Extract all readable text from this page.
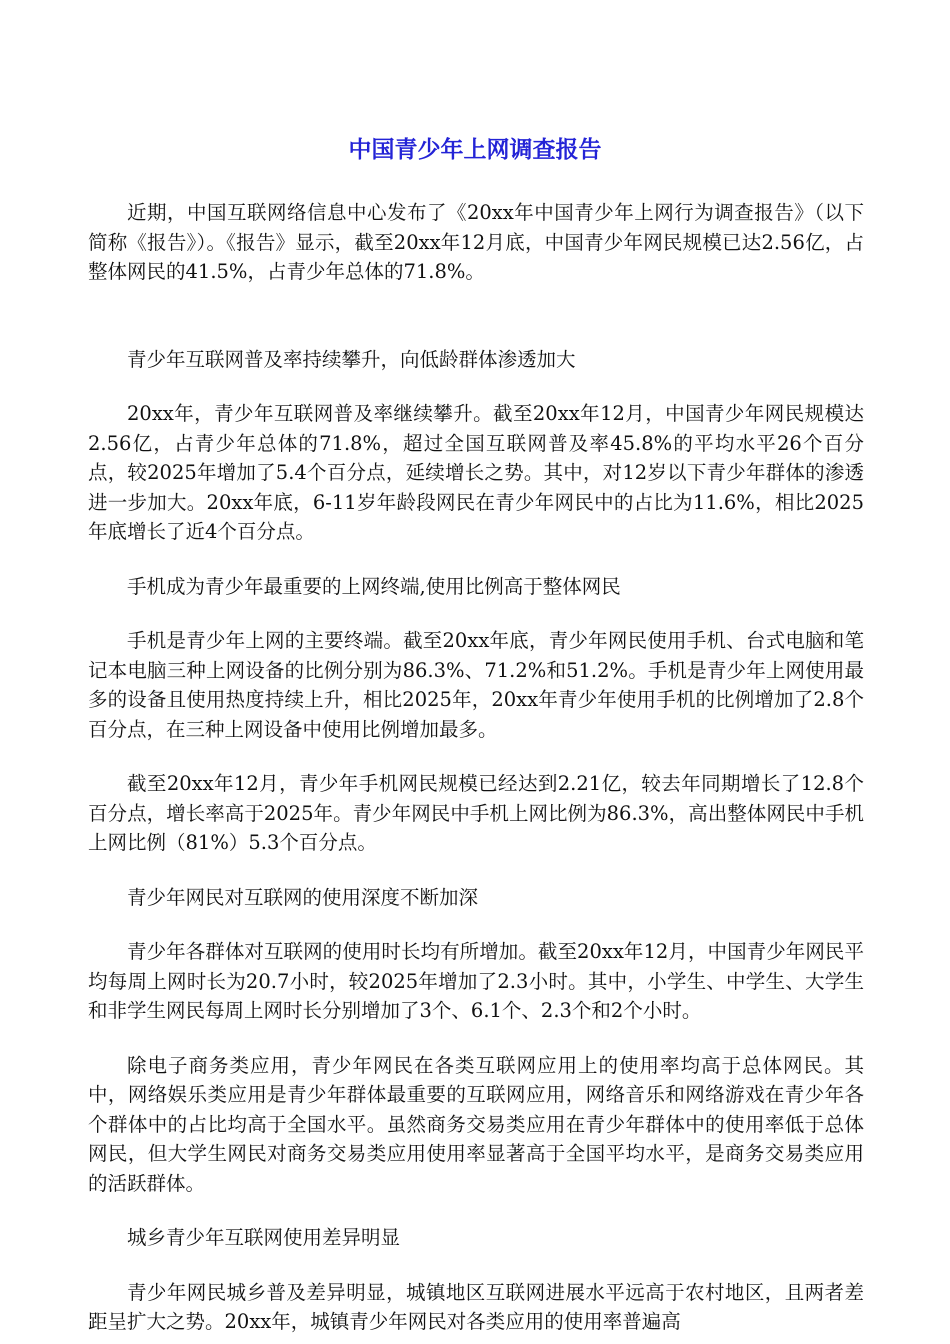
中国青少年上网调查报告

近期，中国互联网络信息中心发布了《20xx年中国青少年上网行为调查报告》（以下简称《报告》）。《报告》显示，截至20xx年12月底，中国青少年网民规模已达2.56亿，占整体网民的41.5%，占青少年总体的71.8%。

青少年互联网普及率持续攀升，向低龄群体渗透加大

20xx年，青少年互联网普及率继续攀升。截至20xx年12月，中国青少年网民规模达2.56亿，占青少年总体的71.8%，超过全国互联网普及率45.8%的平均水平26个百分点，较2025年增加了5.4个百分点，延续增长之势。其中，对12岁以下青少年群体的渗透进一步加大。20xx年底，6-11岁年龄段网民在青少年网民中的占比为11.6%，相比2025年底增长了近4个百分点。

手机成为青少年最重要的上网终端,使用比例高于整体网民

手机是青少年上网的主要终端。截至20xx年底，青少年网民使用手机、台式电脑和笔记本电脑三种上网设备的比例分别为86.3%、71.2%和51.2%。手机是青少年上网使用最多的设备且使用热度持续上升，相比2025年，20xx年青少年使用手机的比例增加了2.8个百分点，在三种上网设备中使用比例增加最多。

截至20xx年12月，青少年手机网民规模已经达到2.21亿，较去年同期增长了12.8个百分点，增长率高于2025年。青少年网民中手机上网比例为86.3%，高出整体网民中手机上网比例（81%）5.3个百分点。

青少年网民对互联网的使用深度不断加深

青少年各群体对互联网的使用时长均有所增加。截至20xx年12月，中国青少年网民平均每周上网时长为20.7小时，较2025年增加了2.3小时。其中，小学生、中学生、大学生和非学生网民每周上网时长分别增加了3个、6.1个、2.3个和2个小时。

除电子商务类应用，青少年网民在各类互联网应用上的使用率均高于总体网民。其中，网络娱乐类应用是青少年群体最重要的互联网应用，网络音乐和网络游戏在青少年各个群体中的占比均高于全国水平。虽然商务交易类应用在青少年群体中的使用率低于总体网民，但大学生网民对商务交易类应用使用率显著高于全国平均水平，是商务交易类应用的活跃群体。

城乡青少年互联网使用差异明显

青少年网民城乡普及差异明显，城镇地区互联网进展水平远高于农村地区，且两者差距呈扩大之势。20xx年，城镇青少年网民对各类应用的使用率普遍高
